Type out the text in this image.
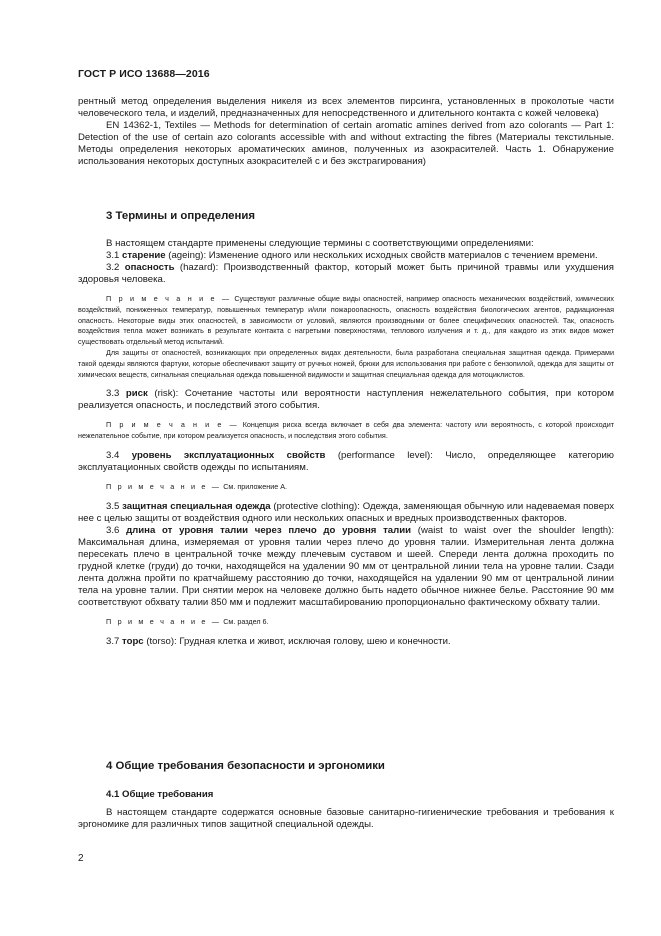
ГОСТ Р ИСО 13688—2016

рентный метод определения выделения никеля из всех элементов пирсинга, установленных в проколотые части человеческого тела, и изделий, предназначенных для непосредственного и длительного контакта с кожей человека)

EN 14362-1, Textiles — Methods for determination of certain aromatic amines derived from azo colorants — Part 1: Detection of the use of certain azo colorants accessible with and without extracting the fibres (Материалы текстильные. Методы определения некоторых ароматических аминов, полученных из азокрасителей. Часть 1. Обнаружение использования некоторых доступных азокрасителей с и без экстрагирования)

3 Термины и определения

В настоящем стандарте применены следующие термины с соответствующими определениями:

3.1 старение (ageing): Изменение одного или нескольких исходных свойств материалов с течением времени.

3.2 опасность (hazard): Производственный фактор, который может быть причиной травмы или ухудшения здоровья человека.

П р и м е ч а н и е — Существуют различные общие виды опасностей, например опасность механических воздействий, химических воздействий, пониженных температур, повышенных температур и/или пожароопасность, опасность воздействия биологических агентов, радиационная опасность. Некоторые виды этих опасностей, в зависимости от условий, являются производными от более специфических опасностей. Так, опасность воздействия тепла может возникать в результате контакта с нагретыми поверхностями, теплового излучения и т. д., для каждого из этих видов может существовать отдельный метод испытаний.

Для защиты от опасностей, возникающих при определенных видах деятельности, была разработана специальная защитная одежда. Примерами такой одежды являются фартуки, которые обеспечивают защиту от ручных ножей, брюки для использования при работе с бензопилой, одежда для защиты от химических веществ, сигнальная специальная одежда повышенной видимости и защитная специальная одежда для мотоциклистов.

3.3 риск (risk): Сочетание частоты или вероятности наступления нежелательного события, при котором реализуется опасность, и последствий этого события.

П р и м е ч а н и е — Концепция риска всегда включает в себя два элемента: частоту или вероятность, с которой происходит нежелательное событие, при котором реализуется опасность, и последствия этого события.

3.4 уровень эксплуатационных свойств (performance level): Число, определяющее категорию эксплуатационных свойств одежды по испытаниям.

П р и м е ч а н и е — См. приложение А.

3.5 защитная специальная одежда (protective clothing): Одежда, заменяющая обычную или надеваемая поверх нее с целью защиты от воздействия одного или нескольких опасных и вредных производственных факторов.

3.6 длина от уровня талии через плечо до уровня талии (waist to waist over the shoulder length): Максимальная длина, измеряемая от уровня талии через плечо до уровня талии. Измерительная лента должна пересекать плечо в центральной точке между плечевым суставом и шеей. Спереди лента должна проходить по грудной клетке (груди) до точки, находящейся на удалении 90 мм от центральной линии тела на уровне талии. Сзади лента должна пройти по кратчайшему расстоянию до точки, находящейся на удалении 90 мм от центральной линии тела на уровне талии. При снятии мерок на человеке должно быть надето обычное нижнее белье. Расстояние 90 мм соответствуют обхвату талии 850 мм и подлежит масштабированию пропорционально фактическому обхвату талии.

П р и м е ч а н и е — См. раздел 6.

3.7 торс (torso): Грудная клетка и живот, исключая голову, шею и конечности.

4 Общие требования безопасности и эргономики
4.1 Общие требования

В настоящем стандарте содержатся основные базовые санитарно-гигиенические требования и требования к эргономике для различных типов защитной специальной одежды.

2
